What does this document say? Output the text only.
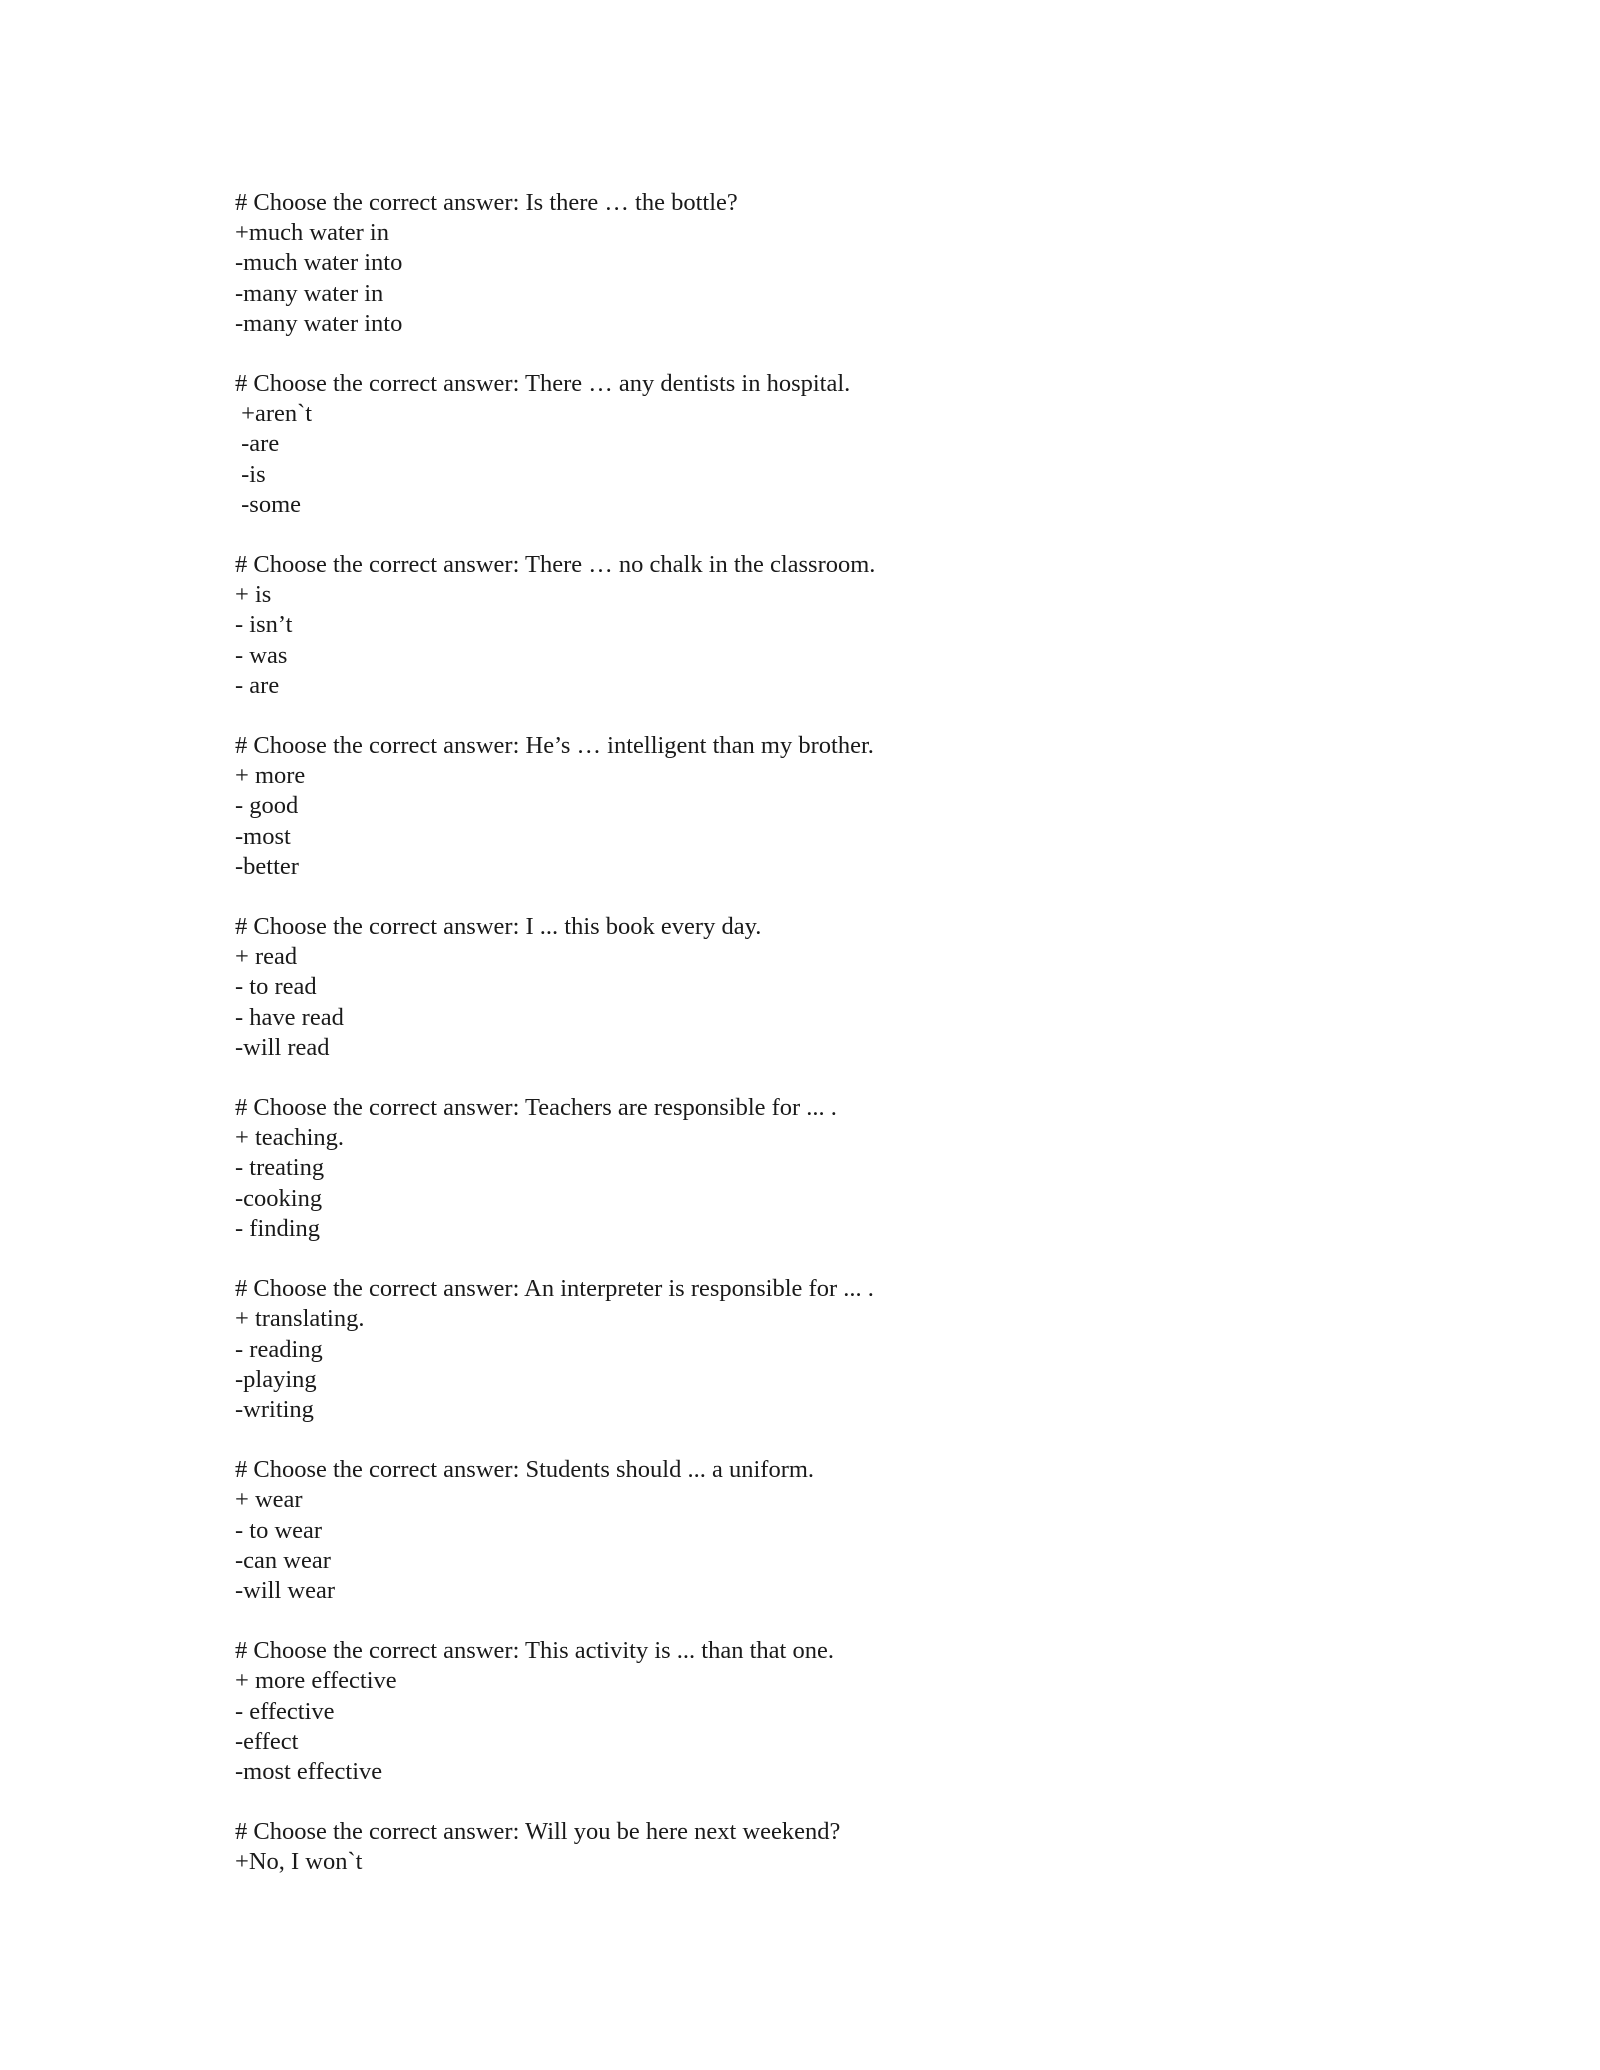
# Choose the correct answer: Is there … the bottle?
+much water in
-much water into
-many water in
-many water into
# Choose the correct answer: There … any dentists in hospital.
+aren`t
-are
-is
-some
# Choose the correct answer: There … no chalk in the classroom.
+ is
- isn’t
- was
- are
# Choose the correct answer: He’s … intelligent than my brother.
+ more
- good
-most
-better
# Choose the correct answer: I ... this book every day.
+ read
- to read
- have read
-will read
# Choose the correct answer: Teachers are responsible for ... .
+ teaching.
- treating
-cooking
- finding
# Choose the correct answer: An interpreter is responsible for ... .
+ translating.
- reading
-playing
-writing
# Choose the correct answer: Students should ... a uniform.
+ wear
- to wear
-can wear
-will wear
# Choose the correct answer: This activity is ... than that one.
+ more effective
- effective
-effect
-most effective
# Choose the correct answer: Will you be here next weekend?
+No, I won`t
